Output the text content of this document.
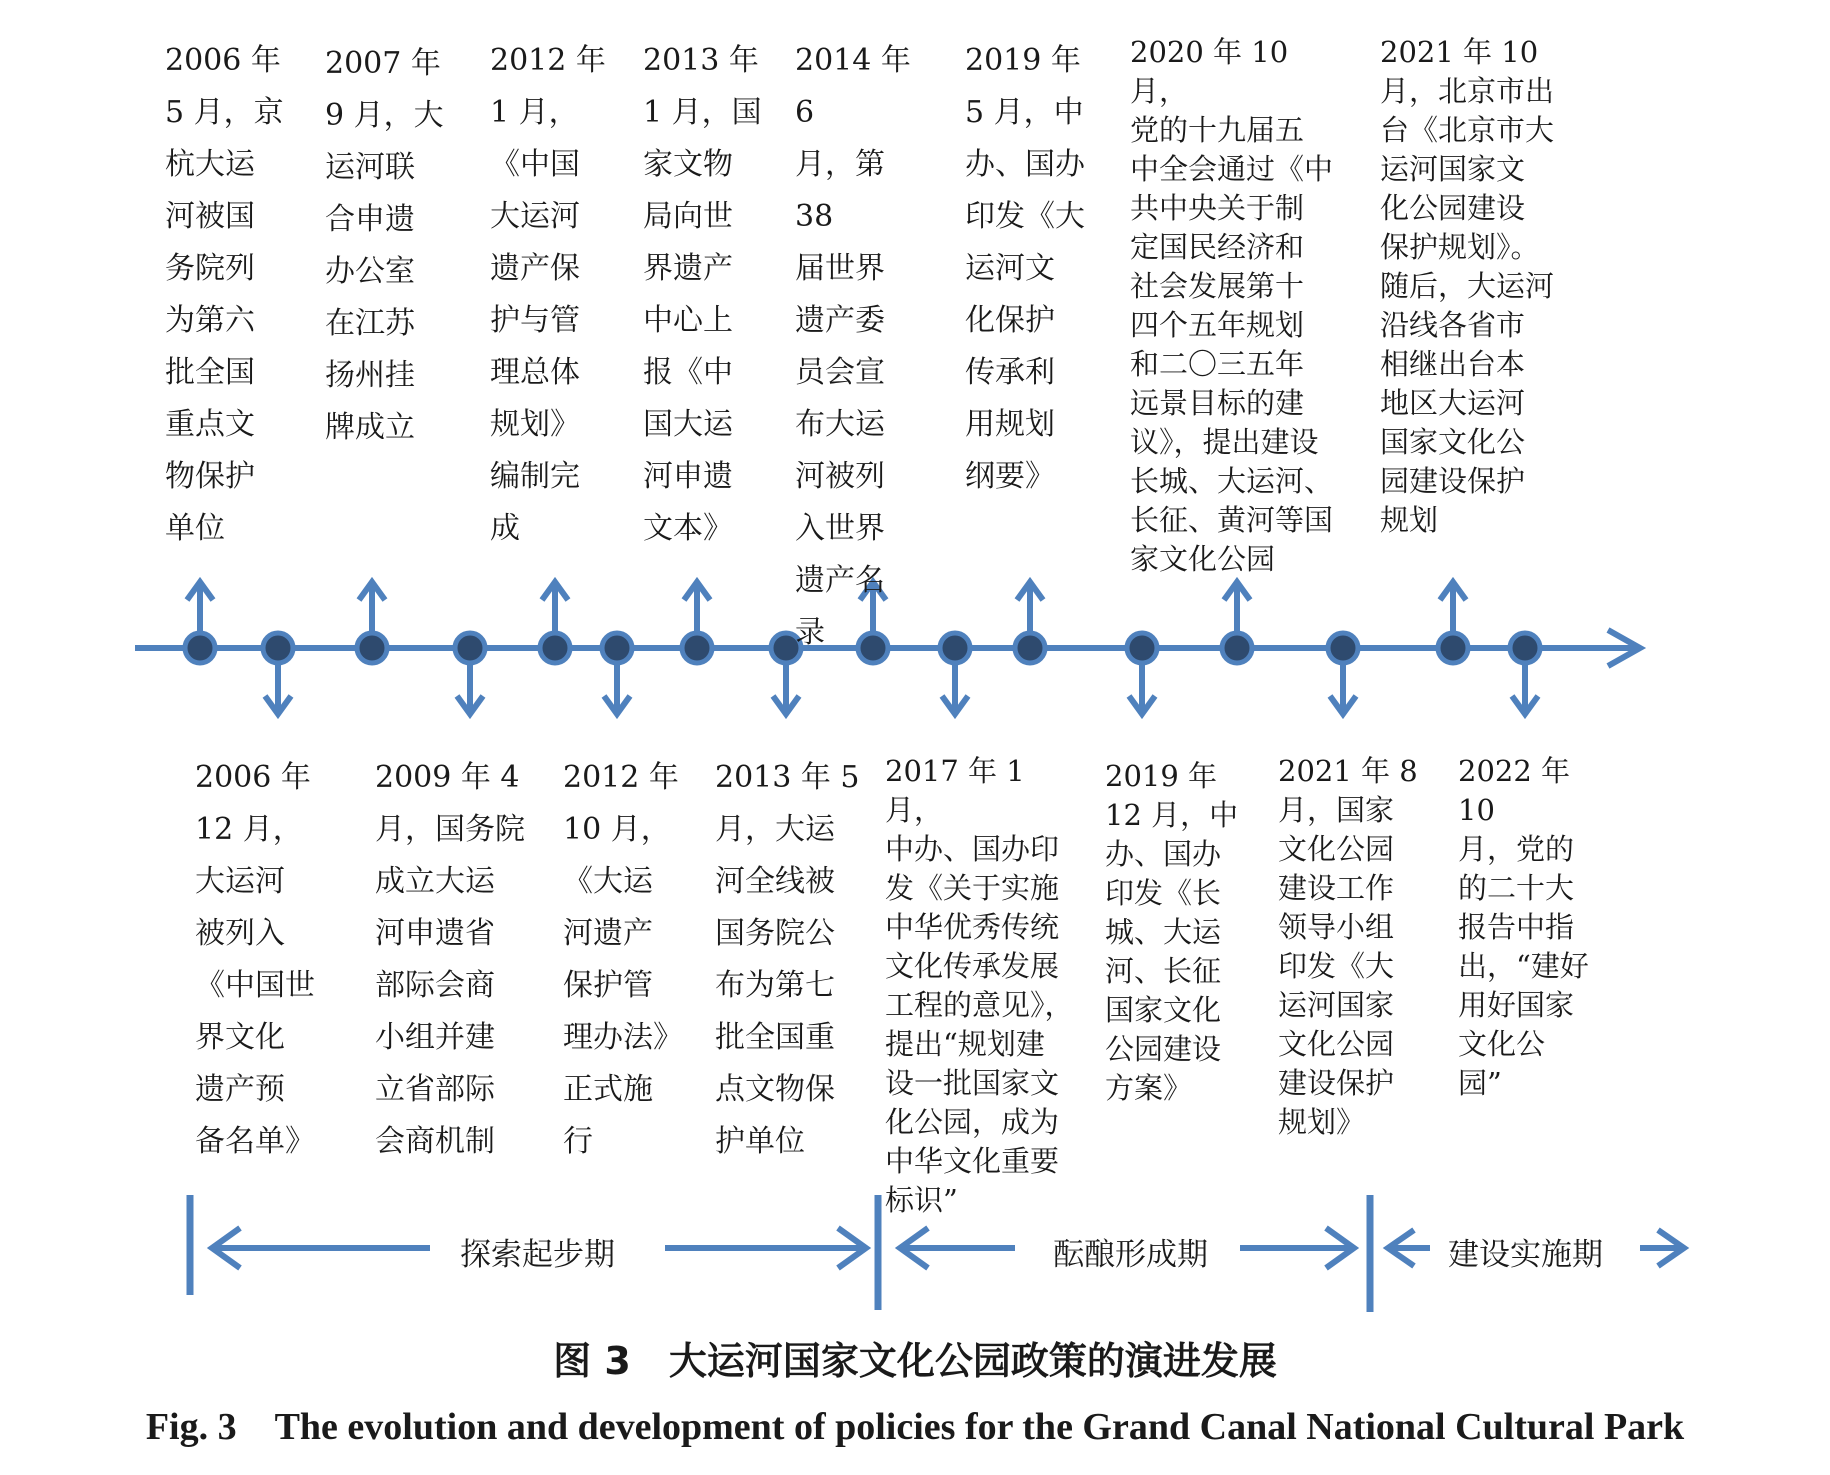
2006 年
5 月，京
杭大运
河被国
务院列
为第六
批全国
重点文
物保护
单位
2007 年
9 月，大
运河联
合申遗
办公室
在江苏
扬州挂
牌成立
2012 年
1 月，
《中国
大运河
遗产保
护与管
理总体
规划》
编制完
成
2013 年
1 月，国
家文物
局向世
界遗产
中心上
报《中
国大运
河申遗
文本》
2014 年 6
月，第 38
届世界
遗产委
员会宣
布大运
河被列
入世界
遗产名
录
2019 年
5 月，中
办、国办
印发《大
运河文
化保护
传承利
用规划
纲要》
2020 年 10 月，
党的十九届五
中全会通过《中
共中央关于制
定国民经济和
社会发展第十
四个五年规划
和二〇三五年
远景目标的建
议》，提出建设
长城、大运河、
长征、黄河等国
家文化公园
2021 年 10
月，北京市出
台《北京市大
运河国家文
化公园建设
保护规划》。
随后，大运河
沿线各省市
相继出台本
地区大运河
国家文化公
园建设保护
规划
2006 年
12 月，
大运河
被列入
《中国世
界文化
遗产预
备名单》
2009 年 4
月，国务院
成立大运
河申遗省
部际会商
小组并建
立省部际
会商机制
2012 年
10 月，
《大运
河遗产
保护管
理办法》
正式施
行
2013 年 5
月，大运
河全线被
国务院公
布为第七
批全国重
点文物保
护单位
2017 年 1 月，
中办、国办印
发《关于实施
中华优秀传统
文化传承发展
工程的意见》，
提出“规划建
设一批国家文
化公园，成为
中华文化重要
标识”
2019 年
12 月，中
办、国办
印发《长
城、大运
河、长征
国家文化
公园建设
方案》
2021 年 8
月，国家
文化公园
建设工作
领导小组
印发《大
运河国家
文化公园
建设保护
规划》
2022 年 10
月，党的
的二十大
报告中指
出，“建好
用好国家
文化公
园”
探索起步期	酝酿形成期	建设实施期
图 3　大运河国家文化公园政策的演进发展
Fig. 3　The evolution and development of policies for the Grand Canal National Cultural Park
